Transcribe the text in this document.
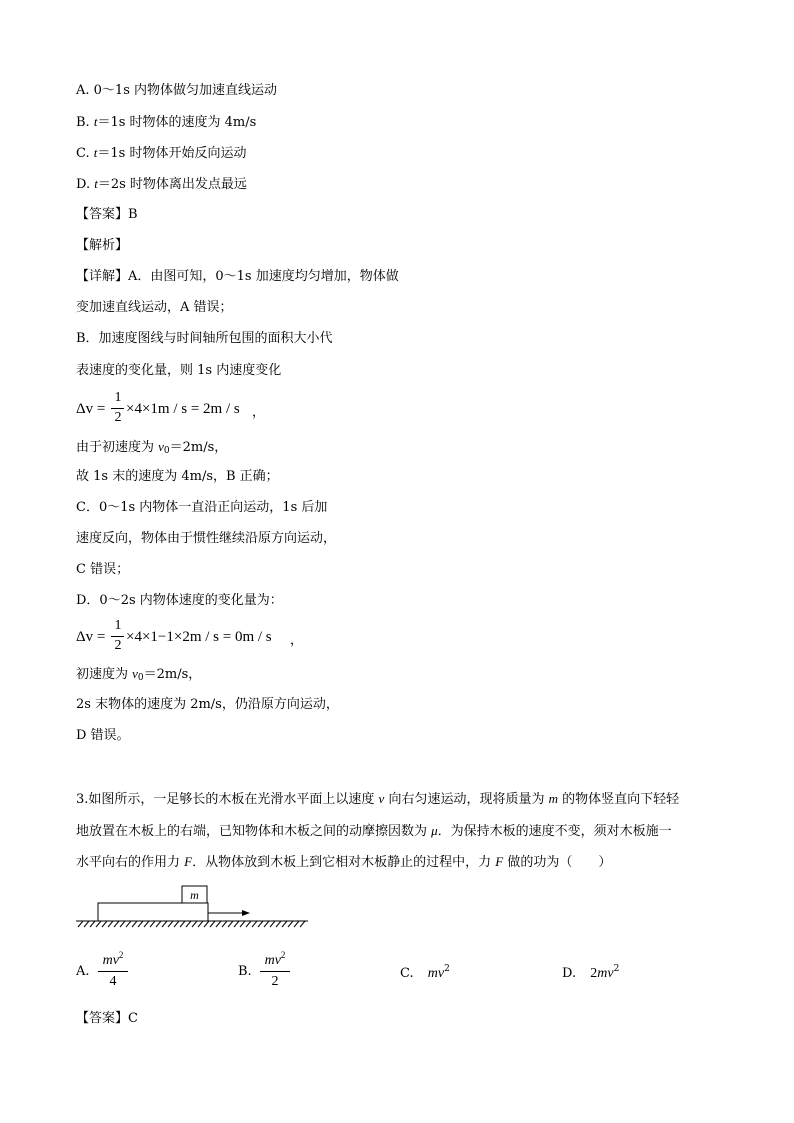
A. 0～1s 内物体做匀加速直线运动
B. t＝1s 时物体的速度为 4m/s
C. t＝1s 时物体开始反向运动
D. t＝2s 时物体离出发点最远
【答案】B
【解析】
【详解】A．由图可知，0～1s 加速度均匀增加，物体做
变加速直线运动，A 错误；
B．加速度图线与时间轴所包围的面积大小代
表速度的变化量，则 1s 内速度变化
Δv =
1
2
×4×1m / s = 2m / s ，
由于初速度为 $v_0=2m/s$，
故 1s 末的速度为 4m/s，B 正确；
C．0～1s 内物体一直沿正向运动，1s 后加
速度反向，物体由于惯性继续沿原方向运动，
C 错误；
D．0～2s 内物体速度的变化量为：
Δv =
1
2
×4×1−1×2m / s = 0m / s ，
初速度为 $v_0=2m/s$，
2s 末物体的速度为 2m/s，仍沿原方向运动，
D 错误。
3.如图所示，一足够长的木板在光滑水平面上以速度 v 向右匀速运动，现将质量为 m 的物体竖直向下轻轻
地放置在木板上的右端，已知物体和木板之间的动摩擦因数为 μ．为保持木板的速度不变，须对木板施一
水平向右的作用力 F．从物体放到木板上到它相对木板静止的过程中，力 F 做的功为（　　）
m
A.
$mv^2$
4
B.
$mv^2$
2
C. $mv^2$	D. $2mv^2$
【答案】C
